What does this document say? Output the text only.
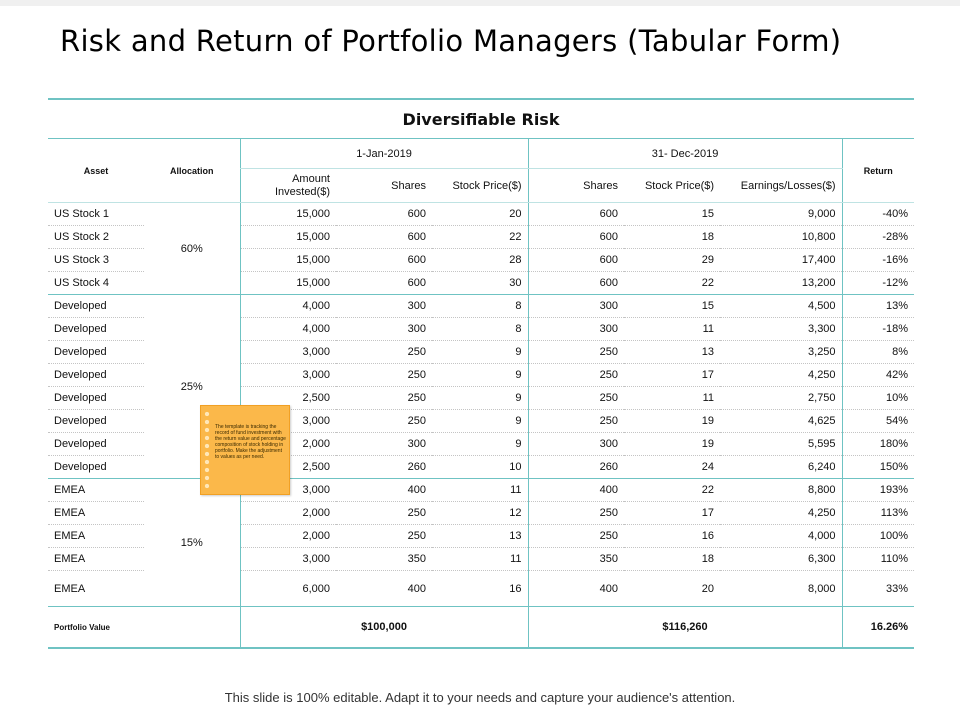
Risk and Return of Portfolio Managers (Tabular Form)
Diversifiable Risk
Asset	Allocation	1-Jan-2019			31- Dec-2019			Return
		Amount Invested($)	Shares	Stock Price($)	Shares	Stock Price($)	Earnings/Losses($)	
US Stock 1	60%	15,000	600	20	600	15	9,000	-40%
US Stock 2		15,000	600	22	600	18	10,800	-28%
US Stock 3		15,000	600	28	600	29	17,400	-16%
US Stock 4		15,000	600	30	600	22	13,200	-12%
Developed	25%	4,000	300	8	300	15	4,500	13%
Developed		4,000	300	8	300	11	3,300	-18%
Developed		3,000	250	9	250	13	3,250	8%
Developed		3,000	250	9	250	17	4,250	42%
Developed		2,500	250	9	250	11	2,750	10%
Developed		3,000	250	9	250	19	4,625	54%
Developed		2,000	300	9	300	19	5,595	180%
Developed		2,500	260	10	260	24	6,240	150%
EMEA	15%	3,000	400	11	400	22	8,800	193%
EMEA		2,000	250	12	250	17	4,250	113%
EMEA		2,000	250	13	250	16	4,000	100%
EMEA		3,000	350	11	350	18	6,300	110%
EMEA		6,000	400	16	400	20	8,000	33%
Portfolio Value		$100,000			$116,260			16.26%
The template is tracking the record of fund investment with the return value and percentage composition of stock holding in portfolio. Make the adjustment to values as per need.
This slide is 100% editable. Adapt it to your needs and capture your audience's attention.
